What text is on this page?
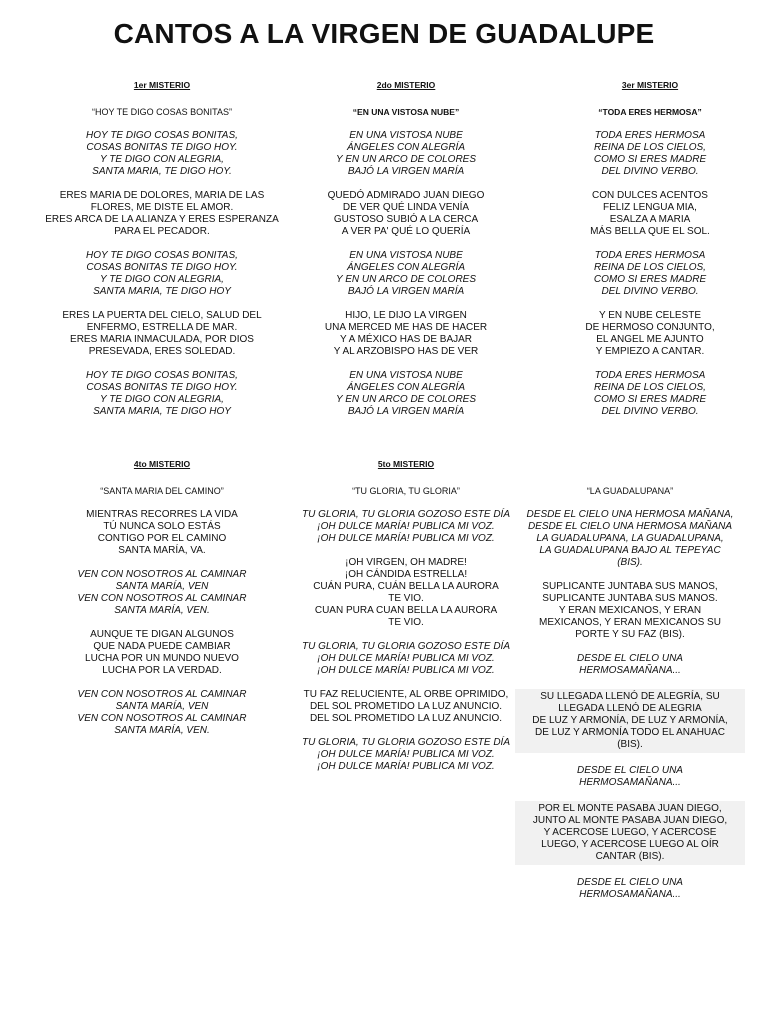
CANTOS A LA VIRGEN DE GUADALUPE
1er MISTERIO
“HOY TE DIGO COSAS BONITAS”
HOY TE DIGO COSAS BONITAS,
COSAS BONITAS TE DIGO HOY.
Y TE DIGO CON ALEGRIA,
SANTA MARIA, TE DIGO HOY.
ERES MARIA DE DOLORES, MARIA DE LAS
FLORES, ME DISTE EL AMOR.
ERES ARCA DE LA ALIANZA Y ERES ESPERANZA
PARA EL PECADOR.
HOY TE DIGO COSAS BONITAS,
COSAS BONITAS TE DIGO HOY.
Y TE DIGO CON ALEGRIA,
SANTA MARIA, TE DIGO HOY
ERES LA PUERTA DEL CIELO, SALUD DEL
ENFERMO, ESTRELLA DE MAR.
ERES MARIA INMACULADA, POR DIOS
PRESEVADA, ERES SOLEDAD.
HOY TE DIGO COSAS BONITAS,
COSAS BONITAS TE DIGO HOY.
Y TE DIGO CON ALEGRIA,
SANTA MARIA, TE DIGO HOY
2do MISTERIO
“EN UNA VISTOSA NUBE”
EN UNA VISTOSA NUBE
ÁNGELES CON ALEGRÍA
Y EN UN ARCO DE COLORES
BAJÓ LA VIRGEN MARÍA
QUEDÓ ADMIRADO JUAN DIEGO
DE VER QUÉ LINDA VENÍA
GUSTOSO SUBIÓ A LA CERCA
A VER PA' QUÉ LO QUERÍA
EN UNA VISTOSA NUBE
ÁNGELES CON ALEGRÍA
Y EN UN ARCO DE COLORES
BAJÓ LA VIRGEN MARÍA
HIJO, LE DIJO LA VIRGEN
UNA MERCED ME HAS DE HACER
Y A MÉXICO HAS DE BAJAR
Y AL ARZOBISPO HAS DE VER
EN UNA VISTOSA NUBE
ÁNGELES CON ALEGRÍA
Y EN UN ARCO DE COLORES
BAJÓ LA VIRGEN MARÍA
3er MISTERIO
“TODA ERES HERMOSA”
TODA ERES HERMOSA
REINA DE LOS CIELOS,
COMO SI ERES MADRE
DEL DIVINO VERBO.
CON DULCES ACENTOS
FELIZ LENGUA MIA,
ESALZA A MARIA
MÁS BELLA QUE EL SOL.
TODA ERES HERMOSA
REINA DE LOS CIELOS,
COMO SI ERES MADRE
DEL DIVINO VERBO.
Y EN NUBE CELESTE
DE HERMOSO CONJUNTO,
EL ANGEL ME AJUNTO
Y EMPIEZO A CANTAR.
TODA ERES HERMOSA
REINA DE LOS CIELOS,
COMO SI ERES MADRE
DEL DIVINO VERBO.
4to MISTERIO
“SANTA MARIA DEL CAMINO”
MIENTRAS RECORRES LA VIDA
TÚ NUNCA SOLO ESTÁS
CONTIGO POR EL CAMINO
SANTA MARÍA, VA.
VEN CON NOSOTROS AL CAMINAR
SANTA MARÍA, VEN
VEN CON NOSOTROS AL CAMINAR
SANTA MARÍA, VEN.
AUNQUE TE DIGAN ALGUNOS
QUE NADA PUEDE CAMBIAR
LUCHA POR UN MUNDO NUEVO
LUCHA POR LA VERDAD.
VEN CON NOSOTROS AL CAMINAR
SANTA MARÍA, VEN
VEN CON NOSOTROS AL CAMINAR
SANTA MARÍA, VEN.
5to MISTERIO
“TU GLORIA, TU GLORIA”
TU GLORIA, TU GLORIA GOZOSO ESTE DÍA
¡OH DULCE MARÍA! PUBLICA MI VOZ.
¡OH DULCE MARÍA! PUBLICA MI VOZ.
¡OH VIRGEN, OH MADRE!
¡OH CÁNDIDA ESTRELLA!
CUÁN PURA, CUÁN BELLA LA AURORA
TE VIO.
CUAN PURA CUAN BELLA LA AURORA
TE VIO.
TU GLORIA, TU GLORIA GOZOSO ESTE DÍA
¡OH DULCE MARÍA! PUBLICA MI VOZ.
¡OH DULCE MARÍA! PUBLICA MI VOZ.
TU FAZ RELUCIENTE, AL ORBE OPRIMIDO,
DEL SOL PROMETIDO LA LUZ ANUNCIO.
DEL SOL PROMETIDO LA LUZ ANUNCIO.
TU GLORIA, TU GLORIA GOZOSO ESTE DÍA
¡OH DULCE MARÍA! PUBLICA MI VOZ.
¡OH DULCE MARÍA! PUBLICA MI VOZ.
“LA GUADALUPANA”
DESDE EL CIELO UNA HERMOSA MAÑANA,
DESDE EL CIELO UNA HERMOSA MAÑANA
LA GUADALUPANA, LA GUADALUPANA,
LA GUADALUPANA BAJO AL TEPEYAC
(BIS).
SUPLICANTE JUNTABA SUS MANOS,
SUPLICANTE JUNTABA SUS MANOS.
Y ERAN MEXICANOS, Y ERAN
MEXICANOS, Y ERAN MEXICANOS SU
PORTE Y SU FAZ (BIS).
DESDE EL CIELO UNA
HERMOSAMAÑANA...
SU LLEGADA LLENÓ DE ALEGRÍA, SU
LLEGADA LLENÓ DE ALEGRIA
DE LUZ Y ARMONÍA, DE LUZ Y ARMONÍA,
DE LUZ Y ARMONÍA TODO EL ANAHUAC
(BIS).
DESDE EL CIELO UNA
HERMOSAMAÑANA...
POR EL MONTE PASABA JUAN DIEGO,
JUNTO AL MONTE PASABA JUAN DIEGO,
Y ACERCOSE LUEGO, Y ACERCOSE
LUEGO, Y ACERCOSE LUEGO AL OÍR
CANTAR (BIS).
DESDE EL CIELO UNA
HERMOSAMAÑANA...
